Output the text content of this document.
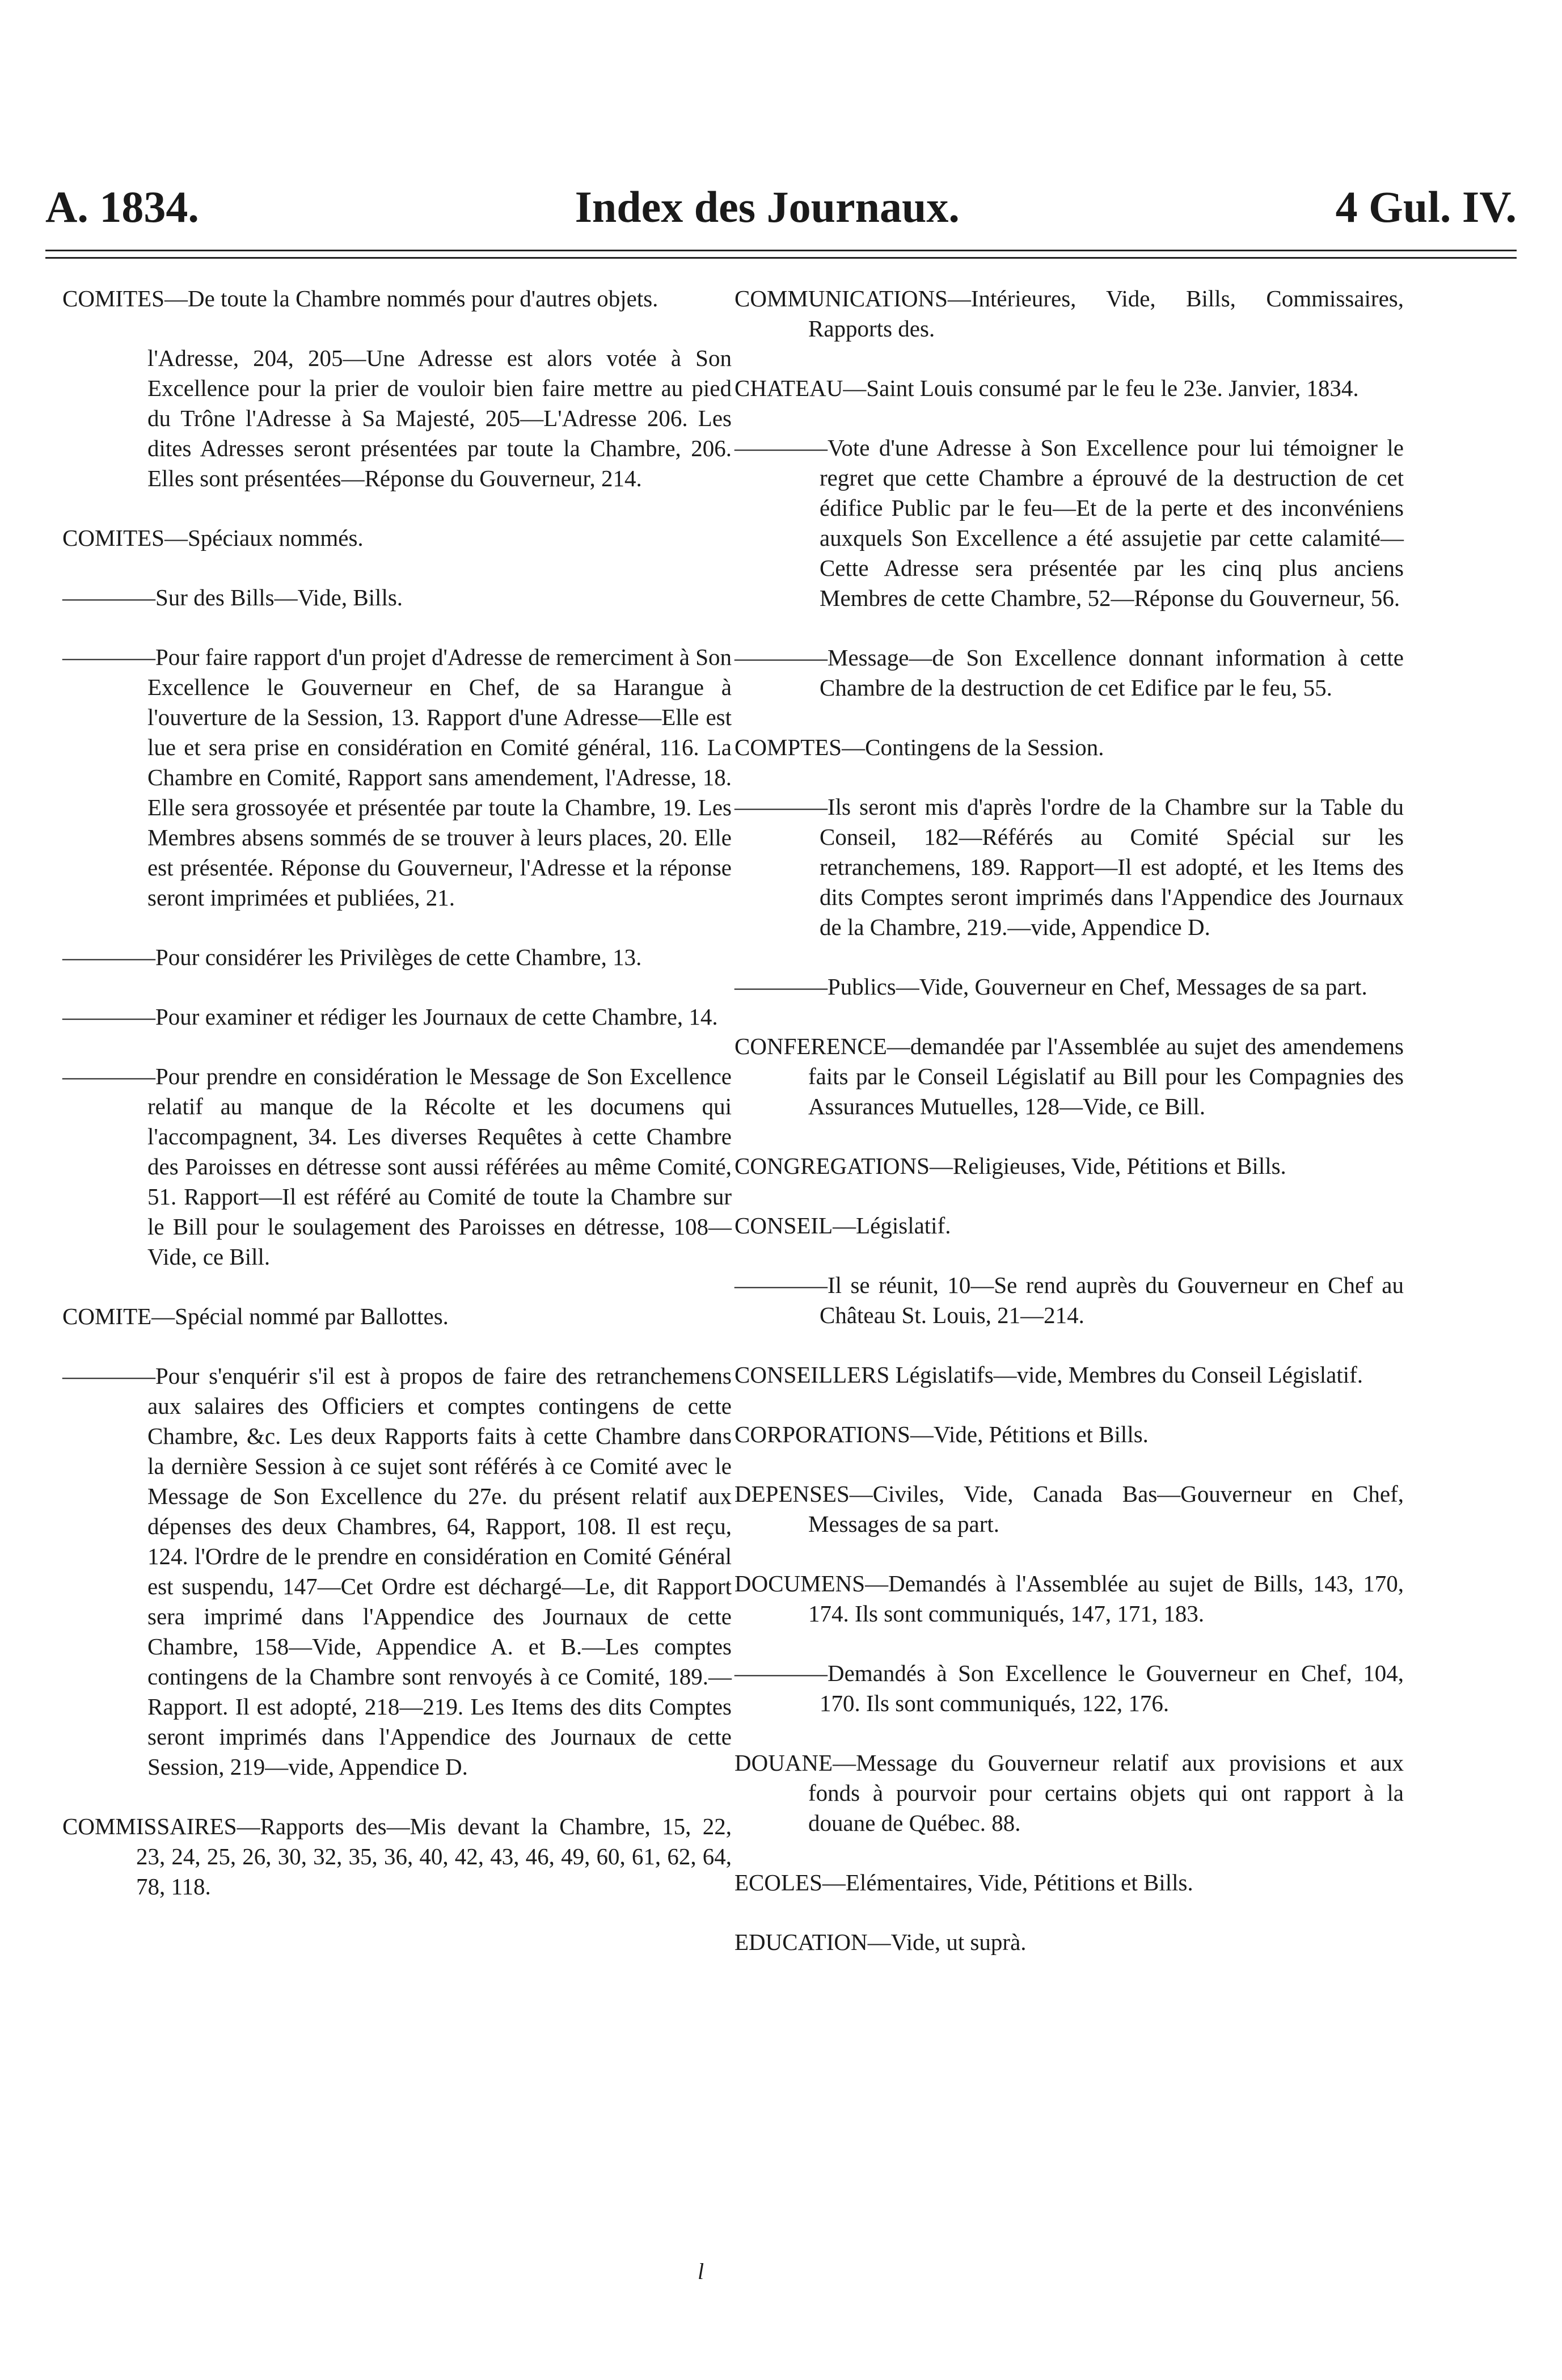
A. 1834.	Index des Journaux.	4 Gul. IV.

COMITES—De toute la Chambre nommés pour d'autres objets.

l'Adresse, 204, 205—Une Adresse est alors votée à Son Excellence pour la prier de vouloir bien faire mettre au pied du Trône l'Adresse à Sa Majesté, 205—L'Adresse 206. Les dites Adresses seront présentées par toute la Chambre, 206. Elles sont présentées—Réponse du Gouverneur, 214.

COMITES—Spéciaux nommés.

————Sur des Bills—Vide, Bills.

————Pour faire rapport d'un projet d'Adresse de remerciment à Son Excellence le Gouverneur en Chef, de sa Harangue à l'ouverture de la Session, 13. Rapport d'une Adresse—Elle est lue et sera prise en considération en Comité général, 116. La Chambre en Comité, Rapport sans amendement, l'Adresse, 18. Elle sera grossoyée et présentée par toute la Chambre, 19. Les Membres absens sommés de se trouver à leurs places, 20. Elle est présentée. Réponse du Gouverneur, l'Adresse et la réponse seront imprimées et publiées, 21.

————Pour considérer les Privilèges de cette Chambre, 13.

————Pour examiner et rédiger les Journaux de cette Chambre, 14.

————Pour prendre en considération le Message de Son Excellence relatif au manque de la Récolte et les documens qui l'accompagnent, 34. Les diverses Requêtes à cette Chambre des Paroisses en détresse sont aussi référées au même Comité, 51. Rapport—Il est référé au Comité de toute la Chambre sur le Bill pour le soulagement des Paroisses en détresse, 108—Vide, ce Bill.

COMITE—Spécial nommé par Ballottes.

————Pour s'enquérir s'il est à propos de faire des retranchemens aux salaires des Officiers et comptes contingens de cette Chambre, &c. Les deux Rapports faits à cette Chambre dans la dernière Session à ce sujet sont référés à ce Comité avec le Message de Son Excellence du 27e. du présent relatif aux dépenses des deux Chambres, 64, Rapport, 108. Il est reçu, 124. l'Ordre de le prendre en considération en Comité Général est suspendu, 147—Cet Ordre est déchargé—Le, dit Rapport sera imprimé dans l'Appendice des Journaux de cette Chambre, 158—Vide, Appendice A. et B.—Les comptes contingens de la Chambre sont renvoyés à ce Comité, 189.—Rapport. Il est adopté, 218—219. Les Items des dits Comptes seront imprimés dans l'Appendice des Journaux de cette Session, 219—vide, Appendice D.

COMMISSAIRES—Rapports des—Mis devant la Chambre, 15, 22, 23, 24, 25, 26, 30, 32, 35, 36, 40, 42, 43, 46, 49, 60, 61, 62, 64, 78, 118.

COMMUNICATIONS—Intérieures, Vide, Bills, Commissaires, Rapports des.

CHATEAU—Saint Louis consumé par le feu le 23e. Janvier, 1834.

————Vote d'une Adresse à Son Excellence pour lui témoigner le regret que cette Chambre a éprouvé de la destruction de cet édifice Public par le feu—Et de la perte et des inconvéniens auxquels Son Excellence a été assujetie par cette calamité—Cette Adresse sera présentée par les cinq plus anciens Membres de cette Chambre, 52—Réponse du Gouverneur, 56.

————Message—de Son Excellence donnant information à cette Chambre de la destruction de cet Edifice par le feu, 55.

COMPTES—Contingens de la Session.

————Ils seront mis d'après l'ordre de la Chambre sur la Table du Conseil, 182—Référés au Comité Spécial sur les retranchemens, 189. Rapport—Il est adopté, et les Items des dits Comptes seront imprimés dans l'Appendice des Journaux de la Chambre, 219.—vide, Appendice D.

————Publics—Vide, Gouverneur en Chef, Messages de sa part.

CONFERENCE—demandée par l'Assemblée au sujet des amendemens faits par le Conseil Législatif au Bill pour les Compagnies des Assurances Mutuelles, 128—Vide, ce Bill.

CONGREGATIONS—Religieuses, Vide, Pétitions et Bills.

CONSEIL—Législatif.

————Il se réunit, 10—Se rend auprès du Gouverneur en Chef au Château St. Louis, 21—214.

CONSEILLERS Législatifs—vide, Membres du Conseil Législatif.

CORPORATIONS—Vide, Pétitions et Bills.

DEPENSES—Civiles, Vide, Canada Bas—Gouverneur en Chef, Messages de sa part.

DOCUMENS—Demandés à l'Assemblée au sujet de Bills, 143, 170, 174. Ils sont communiqués, 147, 171, 183.

————Demandés à Son Excellence le Gouverneur en Chef, 104, 170. Ils sont communiqués, 122, 176.

DOUANE—Message du Gouverneur relatif aux provisions et aux fonds à pourvoir pour certains objets qui ont rapport à la douane de Québec. 88.

ECOLES—Elémentaires, Vide, Pétitions et Bills.

EDUCATION—Vide, ut suprà.

l
